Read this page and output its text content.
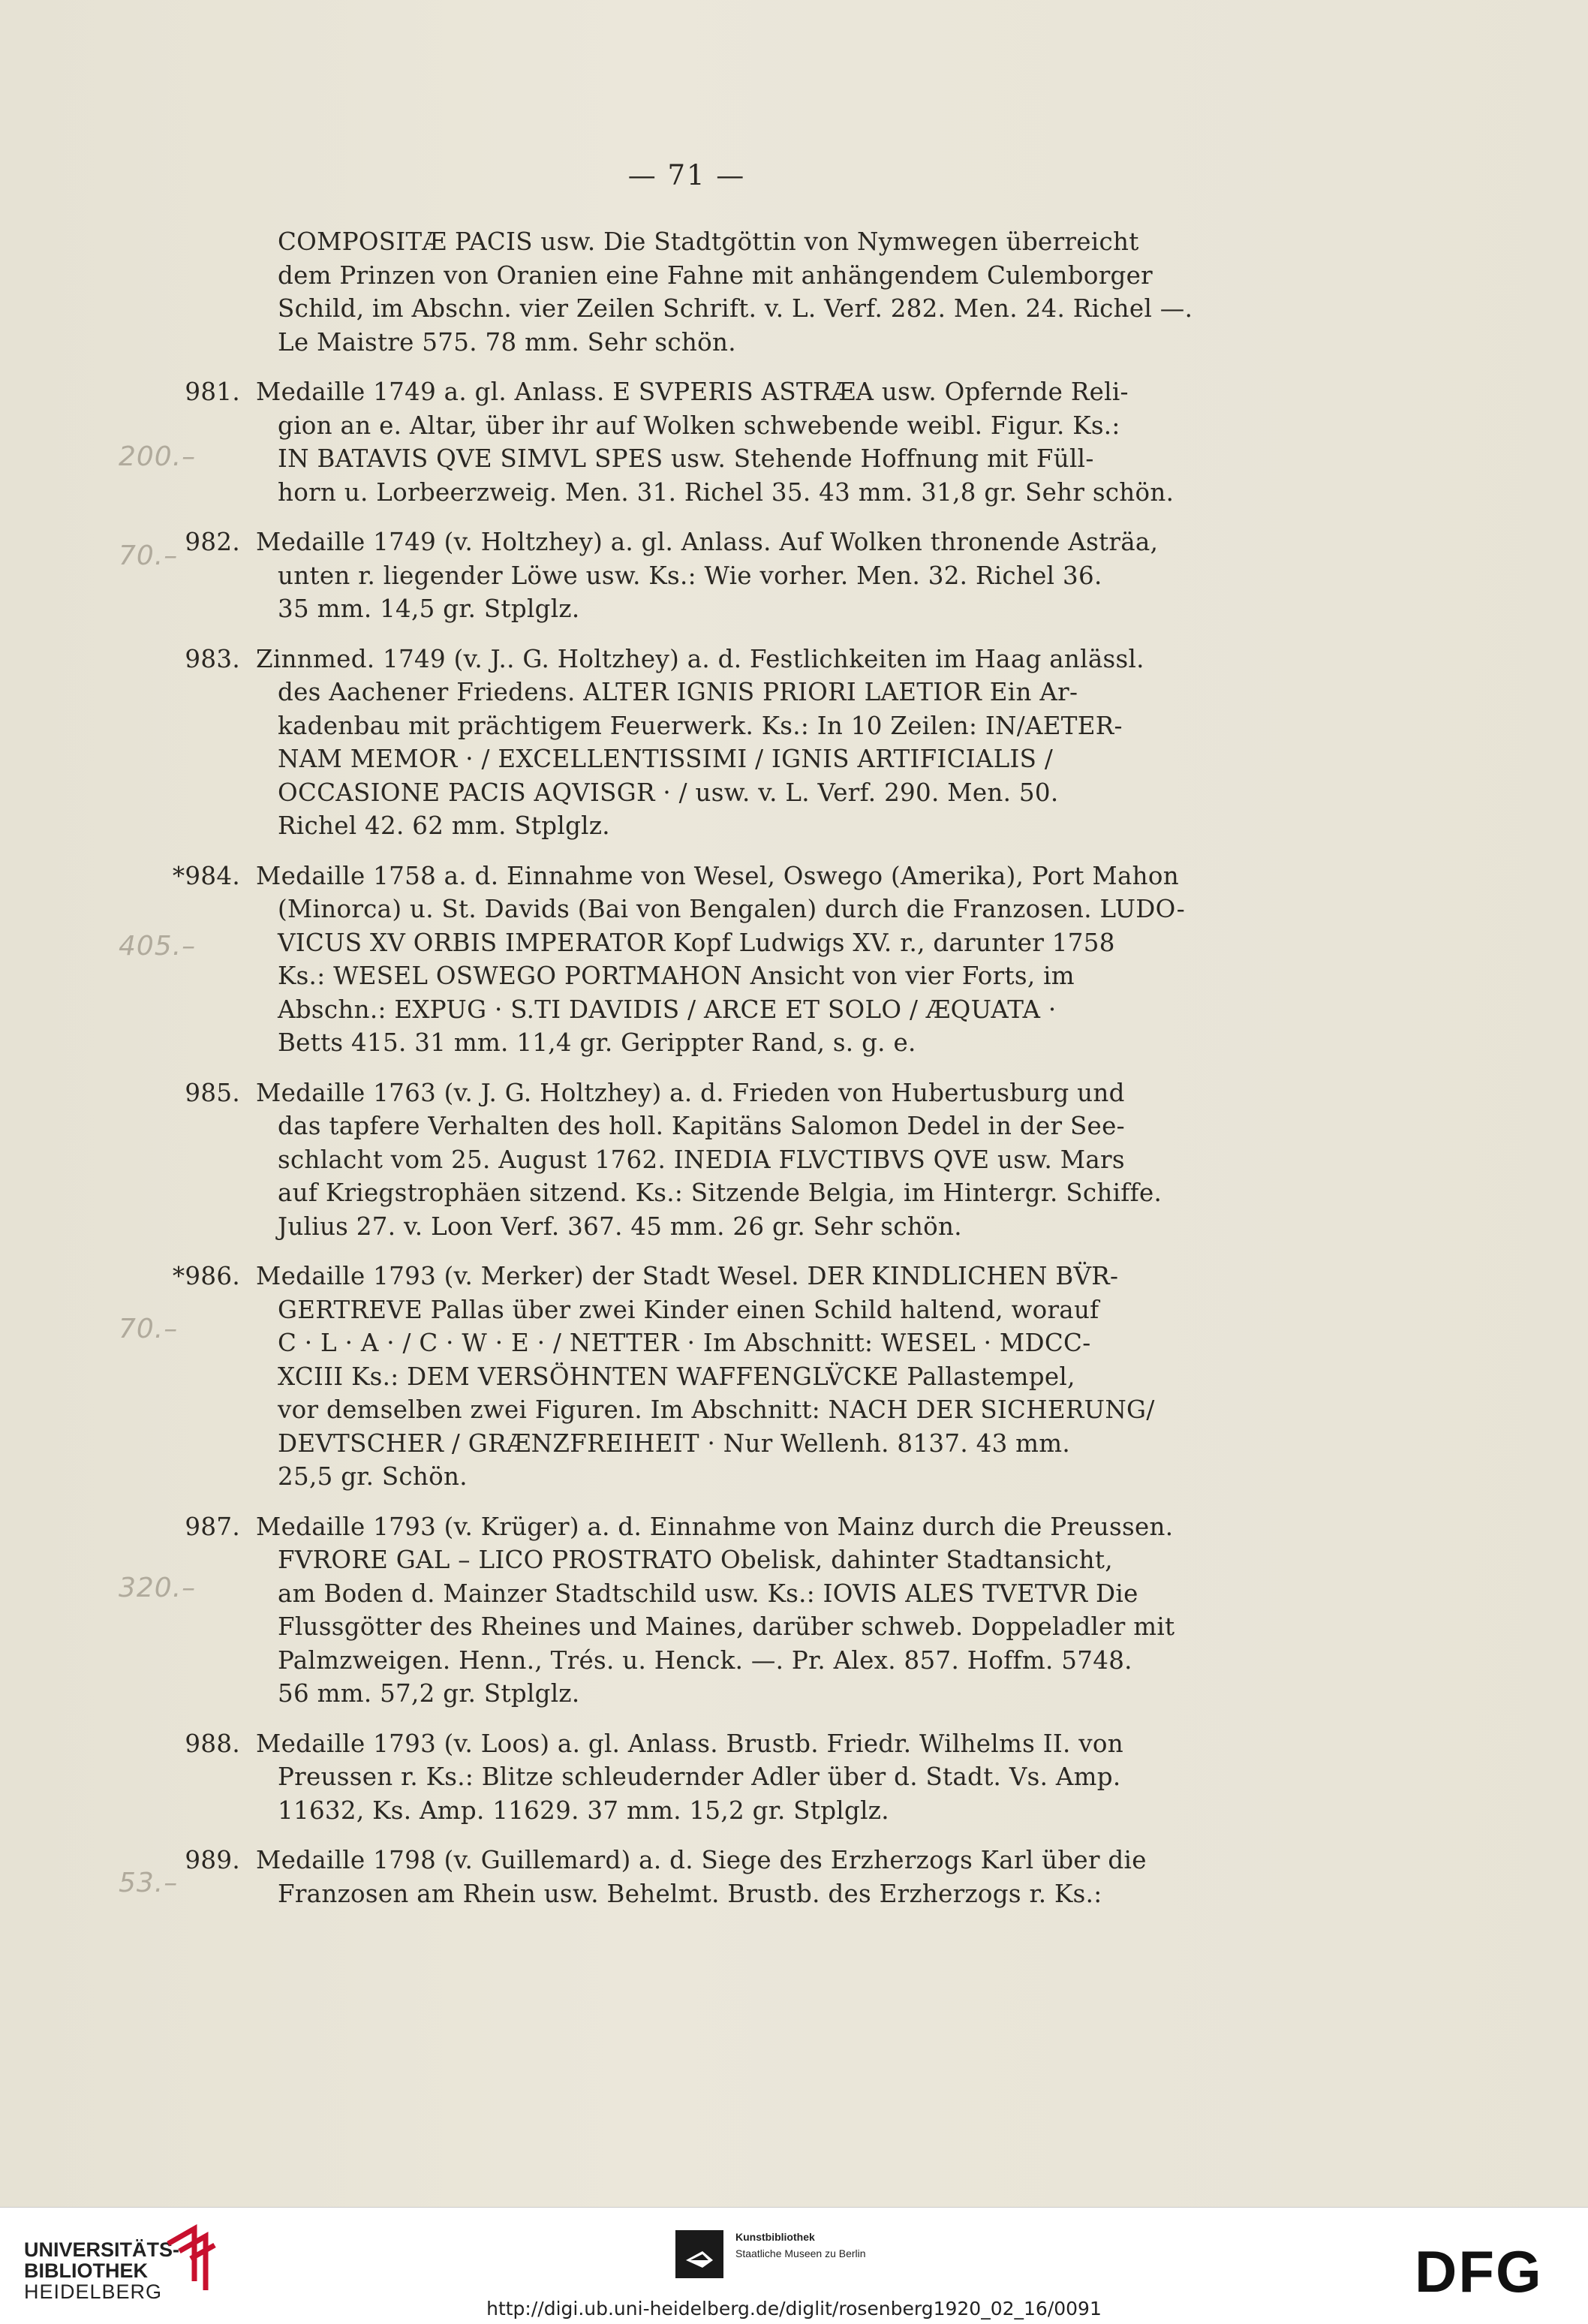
— 71 —
COMPOSITÆ PACIS usw. Die Stadtgöttin von Nymwegen überreicht
dem Prinzen von Oranien eine Fahne mit anhängendem Culemborger
Schild, im Abschn. vier Zeilen Schrift. v. L. Verf. 282. Men. 24. Richel —.
Le Maistre 575. 78 mm. Sehr schön.
981. Medaille 1749 a. gl. Anlass. E SVPERIS ASTRÆA usw. Opfernde Reli-
gion an e. Altar, über ihr auf Wolken schwebende weibl. Figur. Ks.:
IN BATAVIS QVE SIMVL SPES usw. Stehende Hoffnung mit Füll-
horn u. Lorbeerzweig. Men. 31. Richel 35. 43 mm. 31,8 gr. Sehr schön.
982. Medaille 1749 (v. Holtzhey) a. gl. Anlass. Auf Wolken thronende Asträa,
unten r. liegender Löwe usw. Ks.: Wie vorher. Men. 32. Richel 36.
35 mm. 14,5 gr. Stplglz.
983. Zinnmed. 1749 (v. J.. G. Holtzhey) a. d. Festlichkeiten im Haag anlässl.
des Aachener Friedens. ALTER IGNIS PRIORI LAETIOR Ein Ar-
kadenbau mit prächtigem Feuerwerk. Ks.: In 10 Zeilen: IN/AETER-
NAM MEMOR · / EXCELLENTISSIMI / IGNIS ARTIFICIALIS /
OCCASIONE PACIS AQVISGR · / usw. v. L. Verf. 290. Men. 50.
Richel 42. 62 mm. Stplglz.
*984. Medaille 1758 a. d. Einnahme von Wesel, Oswego (Amerika), Port Mahon
(Minorca) u. St. Davids (Bai von Bengalen) durch die Franzosen. LUDO-
VICUS XV ORBIS IMPERATOR Kopf Ludwigs XV. r., darunter 1758
Ks.: WESEL OSWEGO PORTMAHON Ansicht von vier Forts, im
Abschn.: EXPUG · S.TI DAVIDIS / ARCE ET SOLO / ÆQUATA ·
Betts 415. 31 mm. 11,4 gr. Gerippter Rand, s. g. e.
985. Medaille 1763 (v. J. G. Holtzhey) a. d. Frieden von Hubertusburg und
das tapfere Verhalten des holl. Kapitäns Salomon Dedel in der See-
schlacht vom 25. August 1762. INEDIA FLVCTIBVS QVE usw. Mars
auf Kriegstrophäen sitzend. Ks.: Sitzende Belgia, im Hintergr. Schiffe.
Julius 27. v. Loon Verf. 367. 45 mm. 26 gr. Sehr schön.
*986. Medaille 1793 (v. Merker) der Stadt Wesel. DER KINDLICHEN BV̈R-
GERTREVE Pallas über zwei Kinder einen Schild haltend, worauf
C · L · A · / C · W · E · / NETTER · Im Abschnitt: WESEL · MDCC-
XCIII Ks.: DEM VERSÖHNTEN WAFFENGLV̈CKE Pallastempel,
vor demselben zwei Figuren. Im Abschnitt: NACH DER SICHERUNG/
DEVTSCHER / GRÆNZFREIHEIT · Nur Wellenh. 8137. 43 mm.
25,5 gr. Schön.
987. Medaille 1793 (v. Krüger) a. d. Einnahme von Mainz durch die Preussen.
FVRORE GAL – LICO PROSTRATO Obelisk, dahinter Stadtansicht,
am Boden d. Mainzer Stadtschild usw. Ks.: IOVIS ALES TVETVR Die
Flussgötter des Rheines und Maines, darüber schweb. Doppeladler mit
Palmzweigen. Henn., Trés. u. Henck. —. Pr. Alex. 857. Hoffm. 5748.
56 mm. 57,2 gr. Stplglz.
988. Medaille 1793 (v. Loos) a. gl. Anlass. Brustb. Friedr. Wilhelms II. von
Preussen r. Ks.: Blitze schleudernder Adler über d. Stadt. Vs. Amp.
11632, Ks. Amp. 11629. 37 mm. 15,2 gr. Stplglz.
989. Medaille 1798 (v. Guillemard) a. d. Siege des Erzherzogs Karl über die
Franzosen am Rhein usw. Behelmt. Brustb. des Erzherzogs r. Ks.:
200.–
70.–
405.–
70.–
320.–
53.–
UNIVERSITÄTS-
BIBLIOTHEK
HEIDELBERG
Kunstbibliothek
Staatliche Museen zu Berlin	DFG
http://digi.ub.uni-heidelberg.de/diglit/rosenberg1920_02_16/0091
